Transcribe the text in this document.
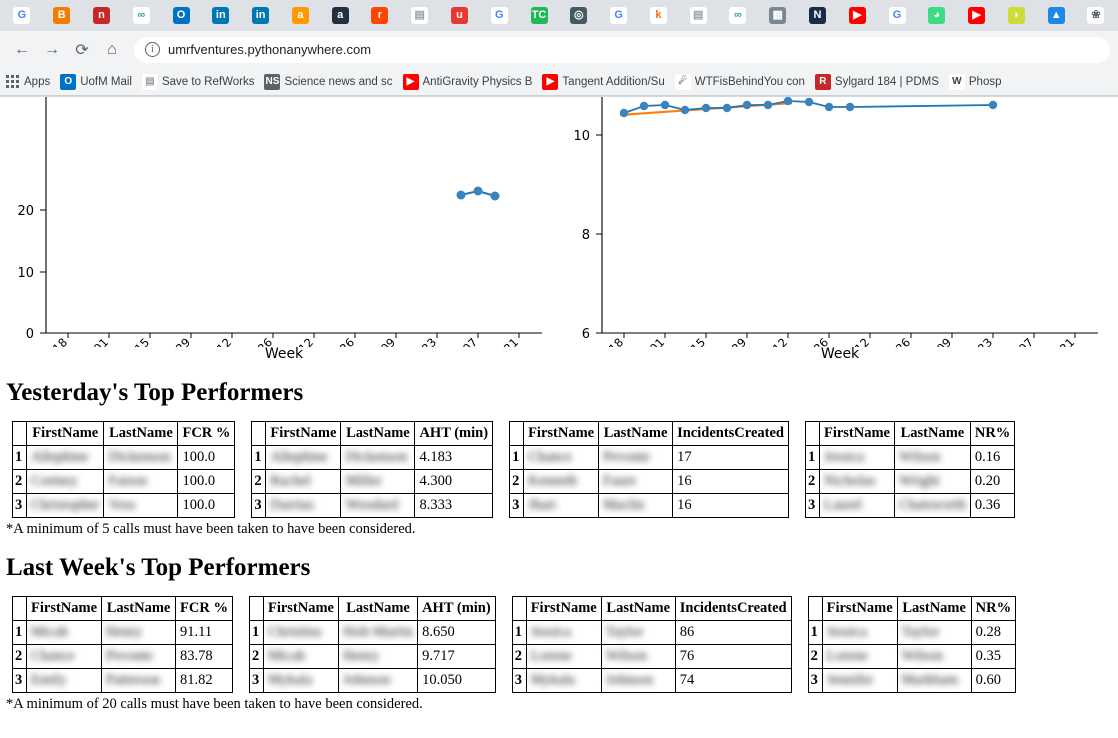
G	B	n	∞	O	in	in	a	a	r	▤	u	G	TC	◎	G	k	▤	∞	▦	N	▶	G	◕	▶	◗	▲	❀
← → ⟳	⌂	i	umrfventures.pythonanywhere.com
Apps	O UofM Mail	▤ Save to RefWorks NS Science news and sc	▶ AntiGravity Physics B	▶ Tangent Addition/Su	☄ WTFisBehindYou con	R Sylgard 184 | PDMS	W Phosp
20
10
0
10
8
6
Week	Week
Yesterday's Top Performers
	FirstName	LastName	FCR %
1	Allephine	Dickenson	100.0
2	Cortney	Faison	100.0
3	Christopher	Voss	100.0
	FirstName	LastName	AHT (min)
1	Allephine	Dickenson	4.183
2	Rachel	Miller	4.300
3	Darrius	Woodard	8.333
	FirstName	LastName	IncidentsCreated
1	Chance	Pevonte	17
2	Kenneth	Faure	16
3	Jhari	Maclin	16
	FirstName	LastName	NR%
1	Jessica	Wilson	0.16
2	Nicholas	Wright	0.20
3	Laurel	Chatsworth	0.36
*A minimum of 5 calls must have been taken to have been considered.
Last Week's Top Performers
	FirstName	LastName	FCR %
1	Micah	Henry	91.11
2	Chance	Pevonte	83.78
3	Emily	Patterson	81.82
	FirstName	LastName	AHT (min)
1	Christina	Holt-Martin	8.650
2	Micah	Henry	9.717
3	Mykala	Johnson	10.050
	FirstName	LastName	IncidentsCreated
1	Jessica	Taylor	86
2	Lorene	Wilson	76
3	Mykala	Johnson	74
	FirstName	LastName	NR%
1	Jessica	Taylor	0.28
2	Lorene	Wilson	0.35
3	Jennifer	Markham	0.60
*A minimum of 20 calls must have been taken to have been considered.
